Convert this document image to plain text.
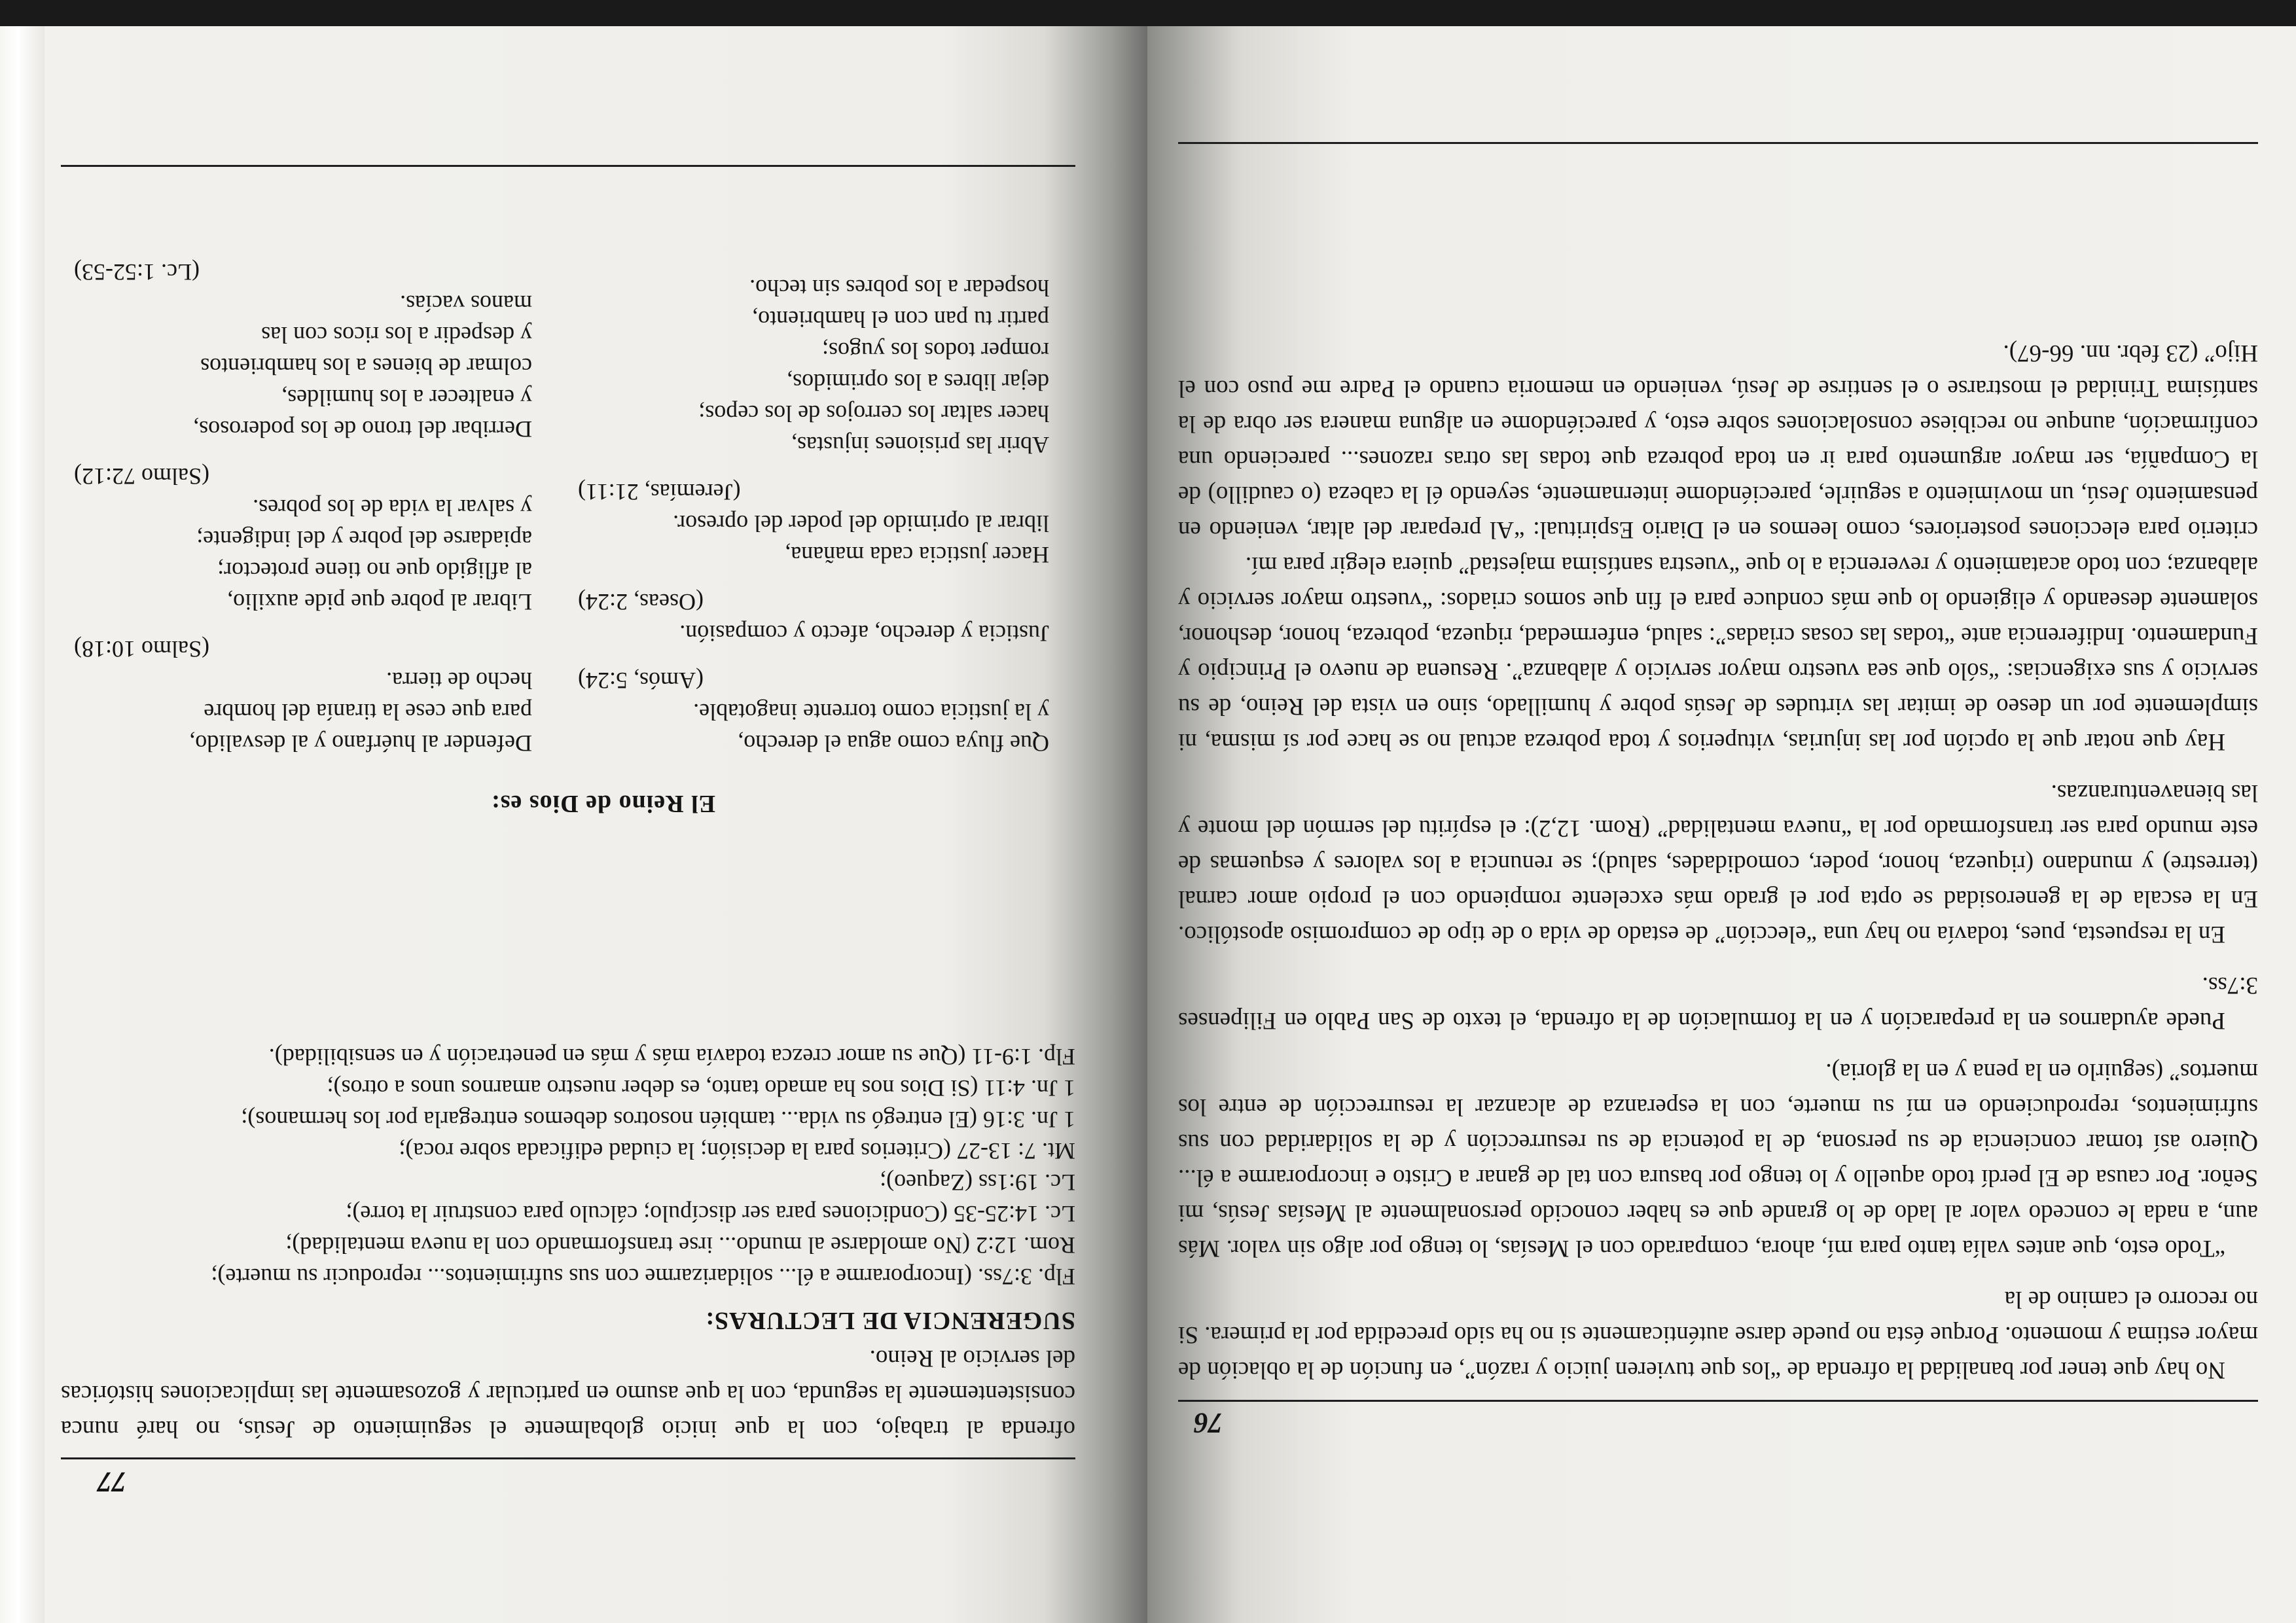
76

No hay que tener por banalidad la ofrenda de “los que tuvieren juicio y razón”, en función de la oblación de mayor estima y momento. Porque ésta no puede darse auténticamente si no ha sido precedida por la primera. Si no recorro el camino de la

“Todo esto, que antes valía tanto para mí, ahora, comparado con el Mesías, lo tengo por algo sin valor. Más aun, a nada le concedo valor al lado de lo grande que es haber conocido personalmente al Mesías Jesús, mi Señor. Por causa de El perdí todo aquello y lo tengo por basura con tal de ganar a Cristo e incorporarme a él... Quiero así tomar conciencia de su persona, de la potencia de su resurrección y de la solidaridad con sus sufrimientos, reproduciendo en mí su muerte, con la esperanza de alcanzar la resurrección de entre los muertos” (seguirlo en la pena y en la gloria).

Puede ayudarnos en la preparación y en la formulación de la ofrenda, el texto de San Pablo en Filipenses 3:7ss.

En la respuesta, pues, todavía no hay una “elección” de estado de vida o de tipo de compromiso apostólico. En la escala de la generosidad se opta por el grado más excelente rompiendo con el propio amor carnal (terrestre) y mundano (riqueza, honor, poder, comodidades, salud); se renuncia a los valores y esquemas de este mundo para ser transformado por la “nueva mentalidad” (Rom. 12,2): el espíritu del sermón del monte y las bienaventuranzas.

Hay que notar que la opción por las injurias, vituperios y toda pobreza actual no se hace por sí misma, ni simplemente por un deseo de imitar las virtudes de Jesús pobre y humillado, sino en vista del Reino, de su servicio y sus exigencias: “sólo que sea vuestro mayor servicio y alabanza”. Resuena de nuevo el Principio y Fundamento. Indiferencia ante “todas las cosas criadas”: salud, enfermedad, riqueza, pobreza, honor, deshonor, solamente deseando y eligiendo lo que más conduce para el fin que somos criados: “vuestro mayor servicio y alabanza; con todo acatamiento y reverencia a lo que “vuestra santísima majestad” quiera elegir para mí.

criterio para elecciones posteriores, como leemos en el Diario Espiritual: “Al preparar del altar, veniendo en pensamiento Jesú, un movimiento a seguirle, pareciéndome internamente, seyendo él la cabeza (o caudillo) de la Compañía, ser mayor argumento para ir en toda pobreza que todas las otras razones... pareciendo una confirmación, aunque no recibiese consolaciones sobre esto, y pareciéndome en alguna manera ser obra de la santísima Trinidad el mostrarse o el sentirse de Jesú, veniendo en memoria cuando el Padre me puso con el Hijo” (23 febr. nn. 66-67).

77
ofrenda al trabajo, con la que inicio globalmente el seguimiento de Jesús, no haré nunca consistentemente la segunda, con la que asumo en particular y gozosamente las implicaciones históricas del servicio al Reino.
SUGERENCIA DE LECTURAS:
Flp. 3:7ss. (Incorporarme a él... solidarizarme con sus sufrimientos... reproducir su muerte);
Rom. 12:2 (No amoldarse al mundo... irse transformando con la nueva mentalidad);
Lc. 14:25-35 (Condiciones para ser discípulo; cálculo para construir la torre);
Lc. 19:1ss (Zaqueo);
Mt. 7: 13-27 (Criterios para la decisión; la ciudad edificada sobre roca);
1 Jn. 3:16 (El entregó su vida... también nosotros debemos entregarla por los hermanos);
1 Jn. 4:11 (Si Dios nos ha amado tanto, es deber nuestro amarnos unos a otros);
Flp. 1:9-11 (Que su amor crezca todavía más y más en penetración y en sensibilidad).
El Reino de Dios es:
Que fluya como agua el derecho,
y la justicia como torrente inagotable.
(Amós, 5:24)
Justicia y derecho, afecto y compasión.
(Oseas, 2:24)
Hacer justicia cada mañana,
librar al oprimido del poder del opresor.
(Jeremías, 21:11)
Abrir las prisiones injustas,
hacer saltar los cerrojos de los cepos;
dejar libres a los oprimidos,
romper todos los yugos;
partir tu pan con el hambriento,
hospedar a los pobres sin techo.
Defender al huérfano y al desvalido,
para que cese la tiranía del hombre
hecho de tierra.
(Salmo 10:18)
Librar al pobre que pide auxilio,
al afligido que no tiene protector;
apiadarse del pobre y del indigente;
y salvar la vida de los pobres.
(Salmo 72:12)
Derribar del trono de los poderosos,
y enaltecer a los humildes,
colmar de bienes a los hambrientos
y despedir a los ricos con las
manos vacías.
(Lc. 1:52-53)
